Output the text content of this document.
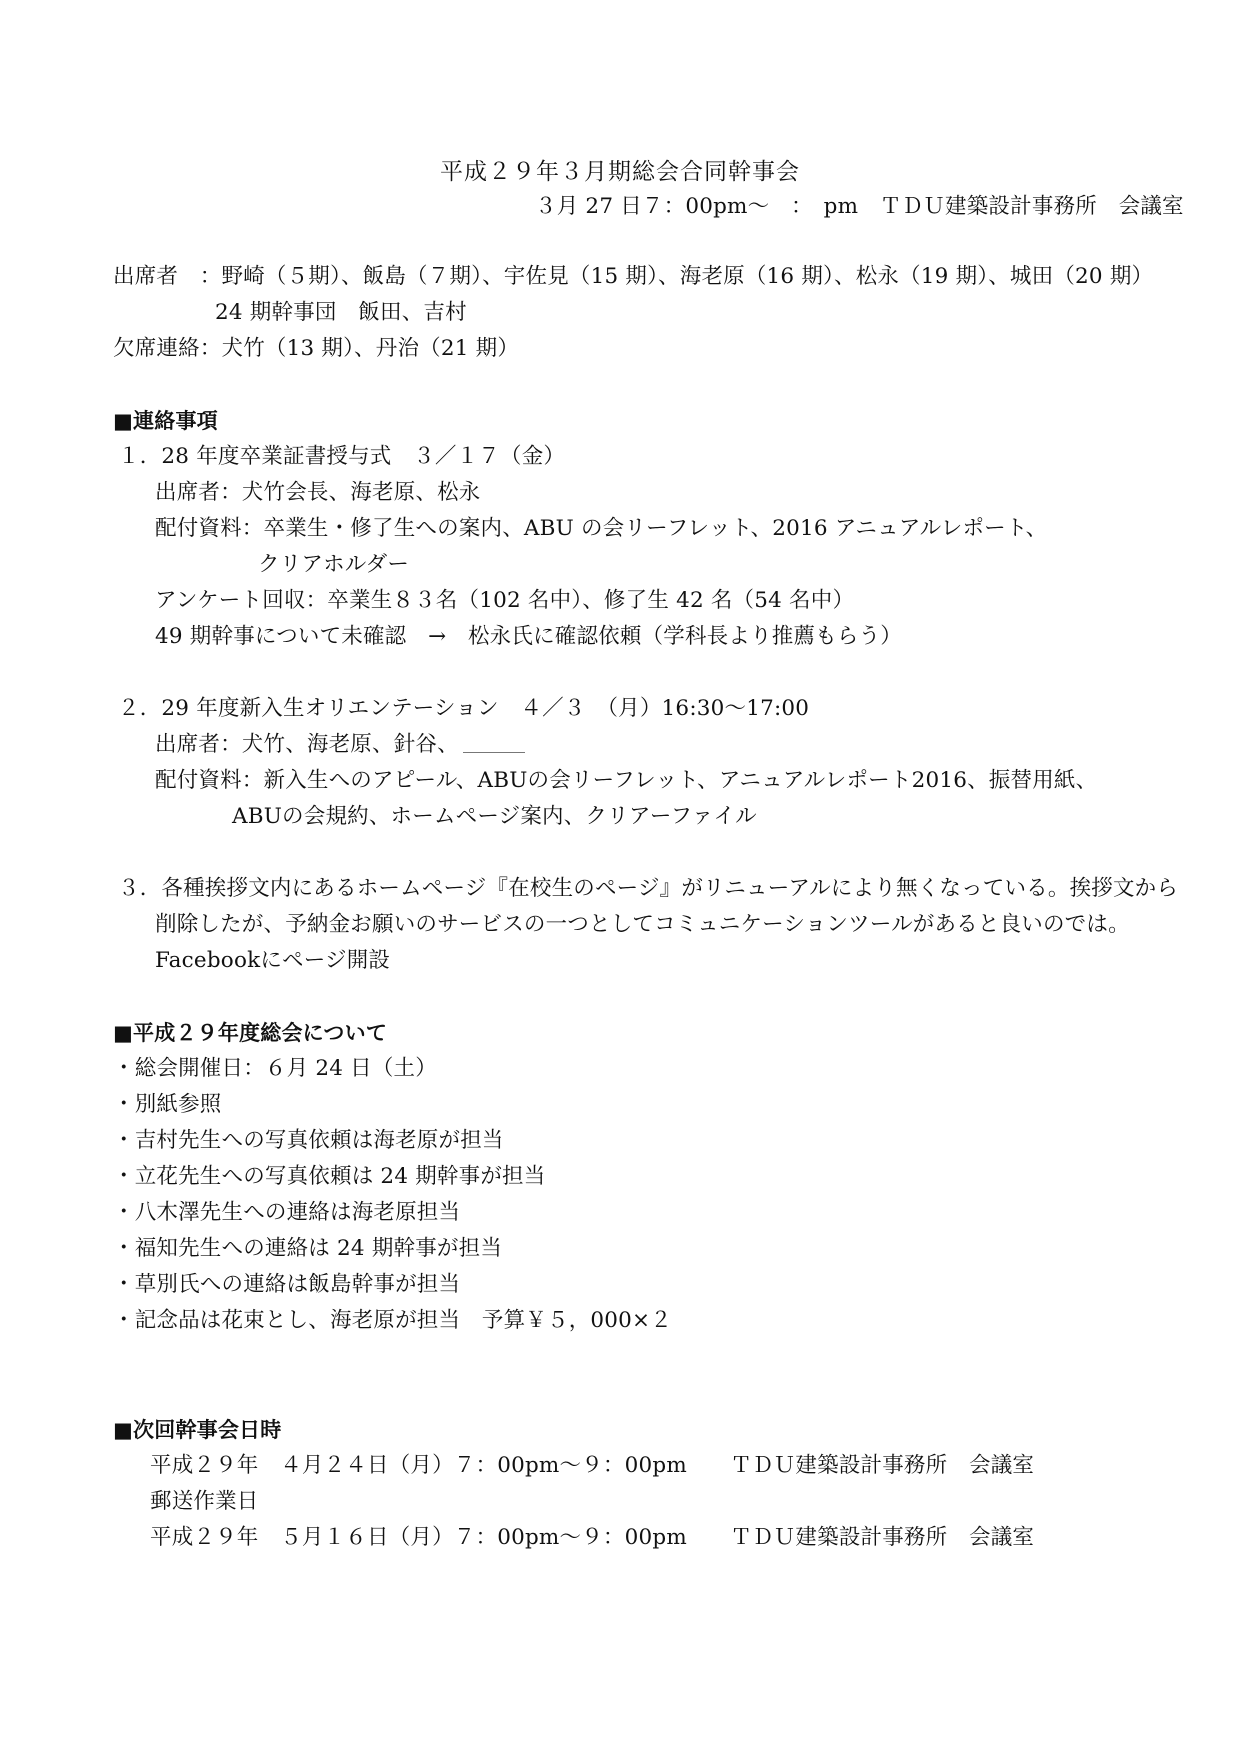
平成２９年３月期総会合同幹事会
３月 27 日７：00pm～　：　pm　ＴＤＵ建築設計事務所　会議室
出席者　：野崎（５期）、飯島（７期）、宇佐見（15 期）、海老原（16 期）、松永（19 期）、城田（20 期）
24 期幹事団　飯田、吉村
欠席連絡：犬竹（13 期）、丹治（21 期）
■連絡事項
１．28 年度卒業証書授与式　３／１７（金）
出席者：犬竹会長、海老原、松永
配付資料：卒業生・修了生への案内、ABU の会リーフレット、2016 アニュアルレポート、
クリアホルダー
アンケート回収：卒業生８３名（102 名中）、修了生 42 名（54 名中）
49 期幹事について未確認　→　松永氏に確認依頼（学科長より推薦もらう）
２．29 年度新入生オリエンテーション　４／３　（月）16:30～17:00
出席者：犬竹、海老原、針谷、
配付資料：新入生へのアピール、ABUの会リーフレット、アニュアルレポート2016、振替用紙、
ABUの会規約、ホームページ案内、クリアーファイル
３．各種挨拶文内にあるホームページ『在校生のページ』がリニューアルにより無くなっている。挨拶文から
削除したが、予納金お願いのサービスの一つとしてコミュニケーションツールがあると良いのでは。
Facebookにページ開設
■平成２９年度総会について
・総会開催日：６月 24 日（土）
・別紙参照
・吉村先生への写真依頼は海老原が担当
・立花先生への写真依頼は 24 期幹事が担当
・八木澤先生への連絡は海老原担当
・福知先生への連絡は 24 期幹事が担当
・草別氏への連絡は飯島幹事が担当
・記念品は花束とし、海老原が担当　予算￥５，000×２
■次回幹事会日時
平成２９年　４月２４日（月）７：00pm～９：00pm　　ＴＤＵ建築設計事務所　会議室
郵送作業日
平成２９年　５月１６日（月）７：00pm～９：00pm　　ＴＤＵ建築設計事務所　会議室
